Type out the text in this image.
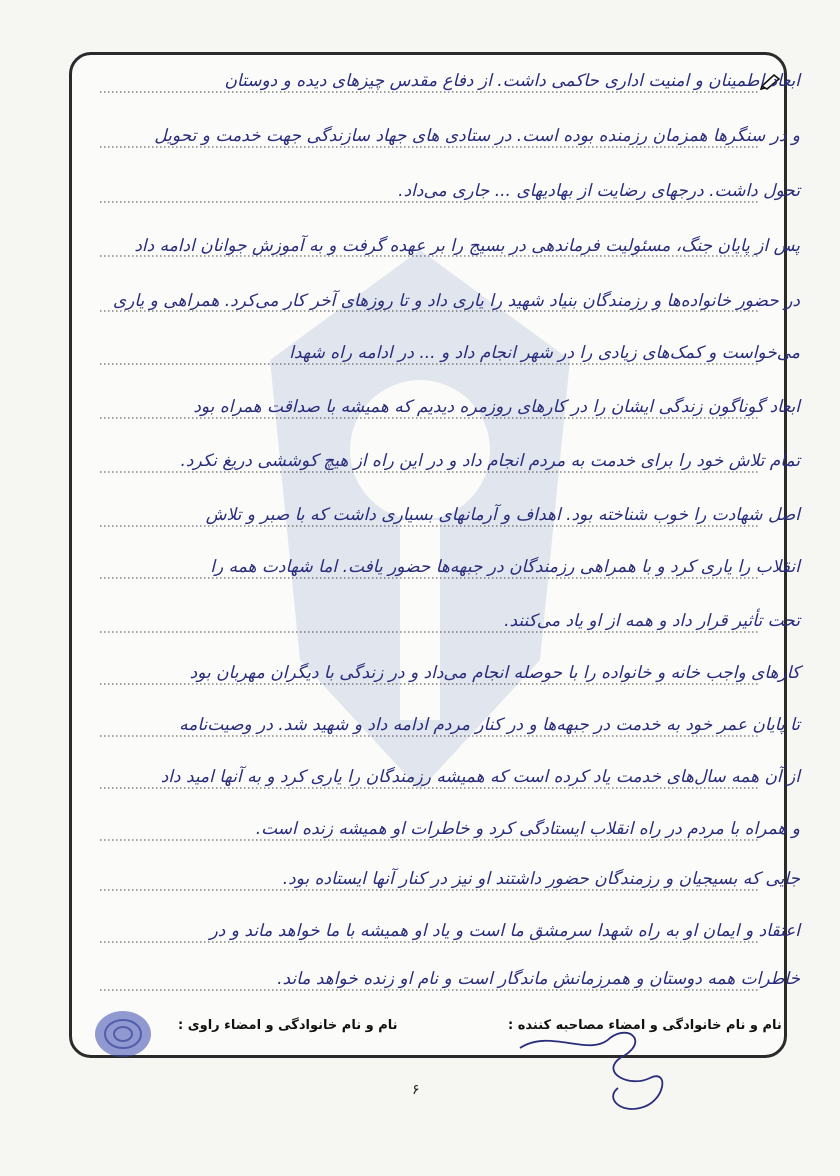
ابعاد اطمینان و امنیت اداری حاکمی داشت. از دفاع مقدس چیزهای دیده و دوستان
و در سنگرها همزمان رزمنده بوده است. در ستادی های جهاد سازندگی جهت خدمت و تحویل
تحول داشت. درجهای رضایت از بهادیهای ... جاری می‌داد.
پس از پایان جنگ، مسئولیت فرماندهی در بسیج را بر عهده گرفت و به آموزش جوانان ادامه داد
در حضور خانواده‌ها و رزمندگان بنیاد شهید را یاری داد و تا روزهای آخر کار می‌کرد. همراهی و یاری
می‌خواست و کمک‌های زیادی را در شهر انجام داد و ... در ادامه راه شهدا
ابعاد گوناگون زندگی ایشان را در کارهای روزمره دیدیم که همیشه با صداقت همراه بود
تمام تلاش خود را برای خدمت به مردم انجام داد و در این راه از هیچ کوششی دریغ نکرد.
اصل شهادت را خوب شناخته بود. اهداف و آرمانهای بسیاری داشت که با صبر و تلاش
انقلاب را یاری کرد و با همراهی رزمندگان در جبهه‌ها حضور یافت. اما شهادت همه را
تحت تأثیر قرار داد و همه از او یاد می‌کنند.
کارهای واجب خانه و خانواده را با حوصله انجام می‌داد و در زندگی با دیگران مهربان بود
تا پایان عمر خود به خدمت در جبهه‌ها و در کنار مردم ادامه داد و شهید شد. در وصیت‌نامه
از آن همه سال‌های خدمت یاد کرده است که همیشه رزمندگان را یاری کرد و به آنها امید داد
و همراه با مردم در راه انقلاب ایستادگی کرد و خاطرات او همیشه زنده است.
جایی که بسیجیان و رزمندگان حضور داشتند او نیز در کنار آنها ایستاده بود.
اعتقاد و ایمان او به راه شهدا سرمشق ما است و یاد او همیشه با ما خواهد ماند و در
خاطرات همه دوستان و همرزمانش ماندگار است و نام او زنده خواهد ماند.
نام و نام خانوادگی و امضاء راوی :	نام و نام خانوادگی و امضاء مصاحبه کننده :
۶
